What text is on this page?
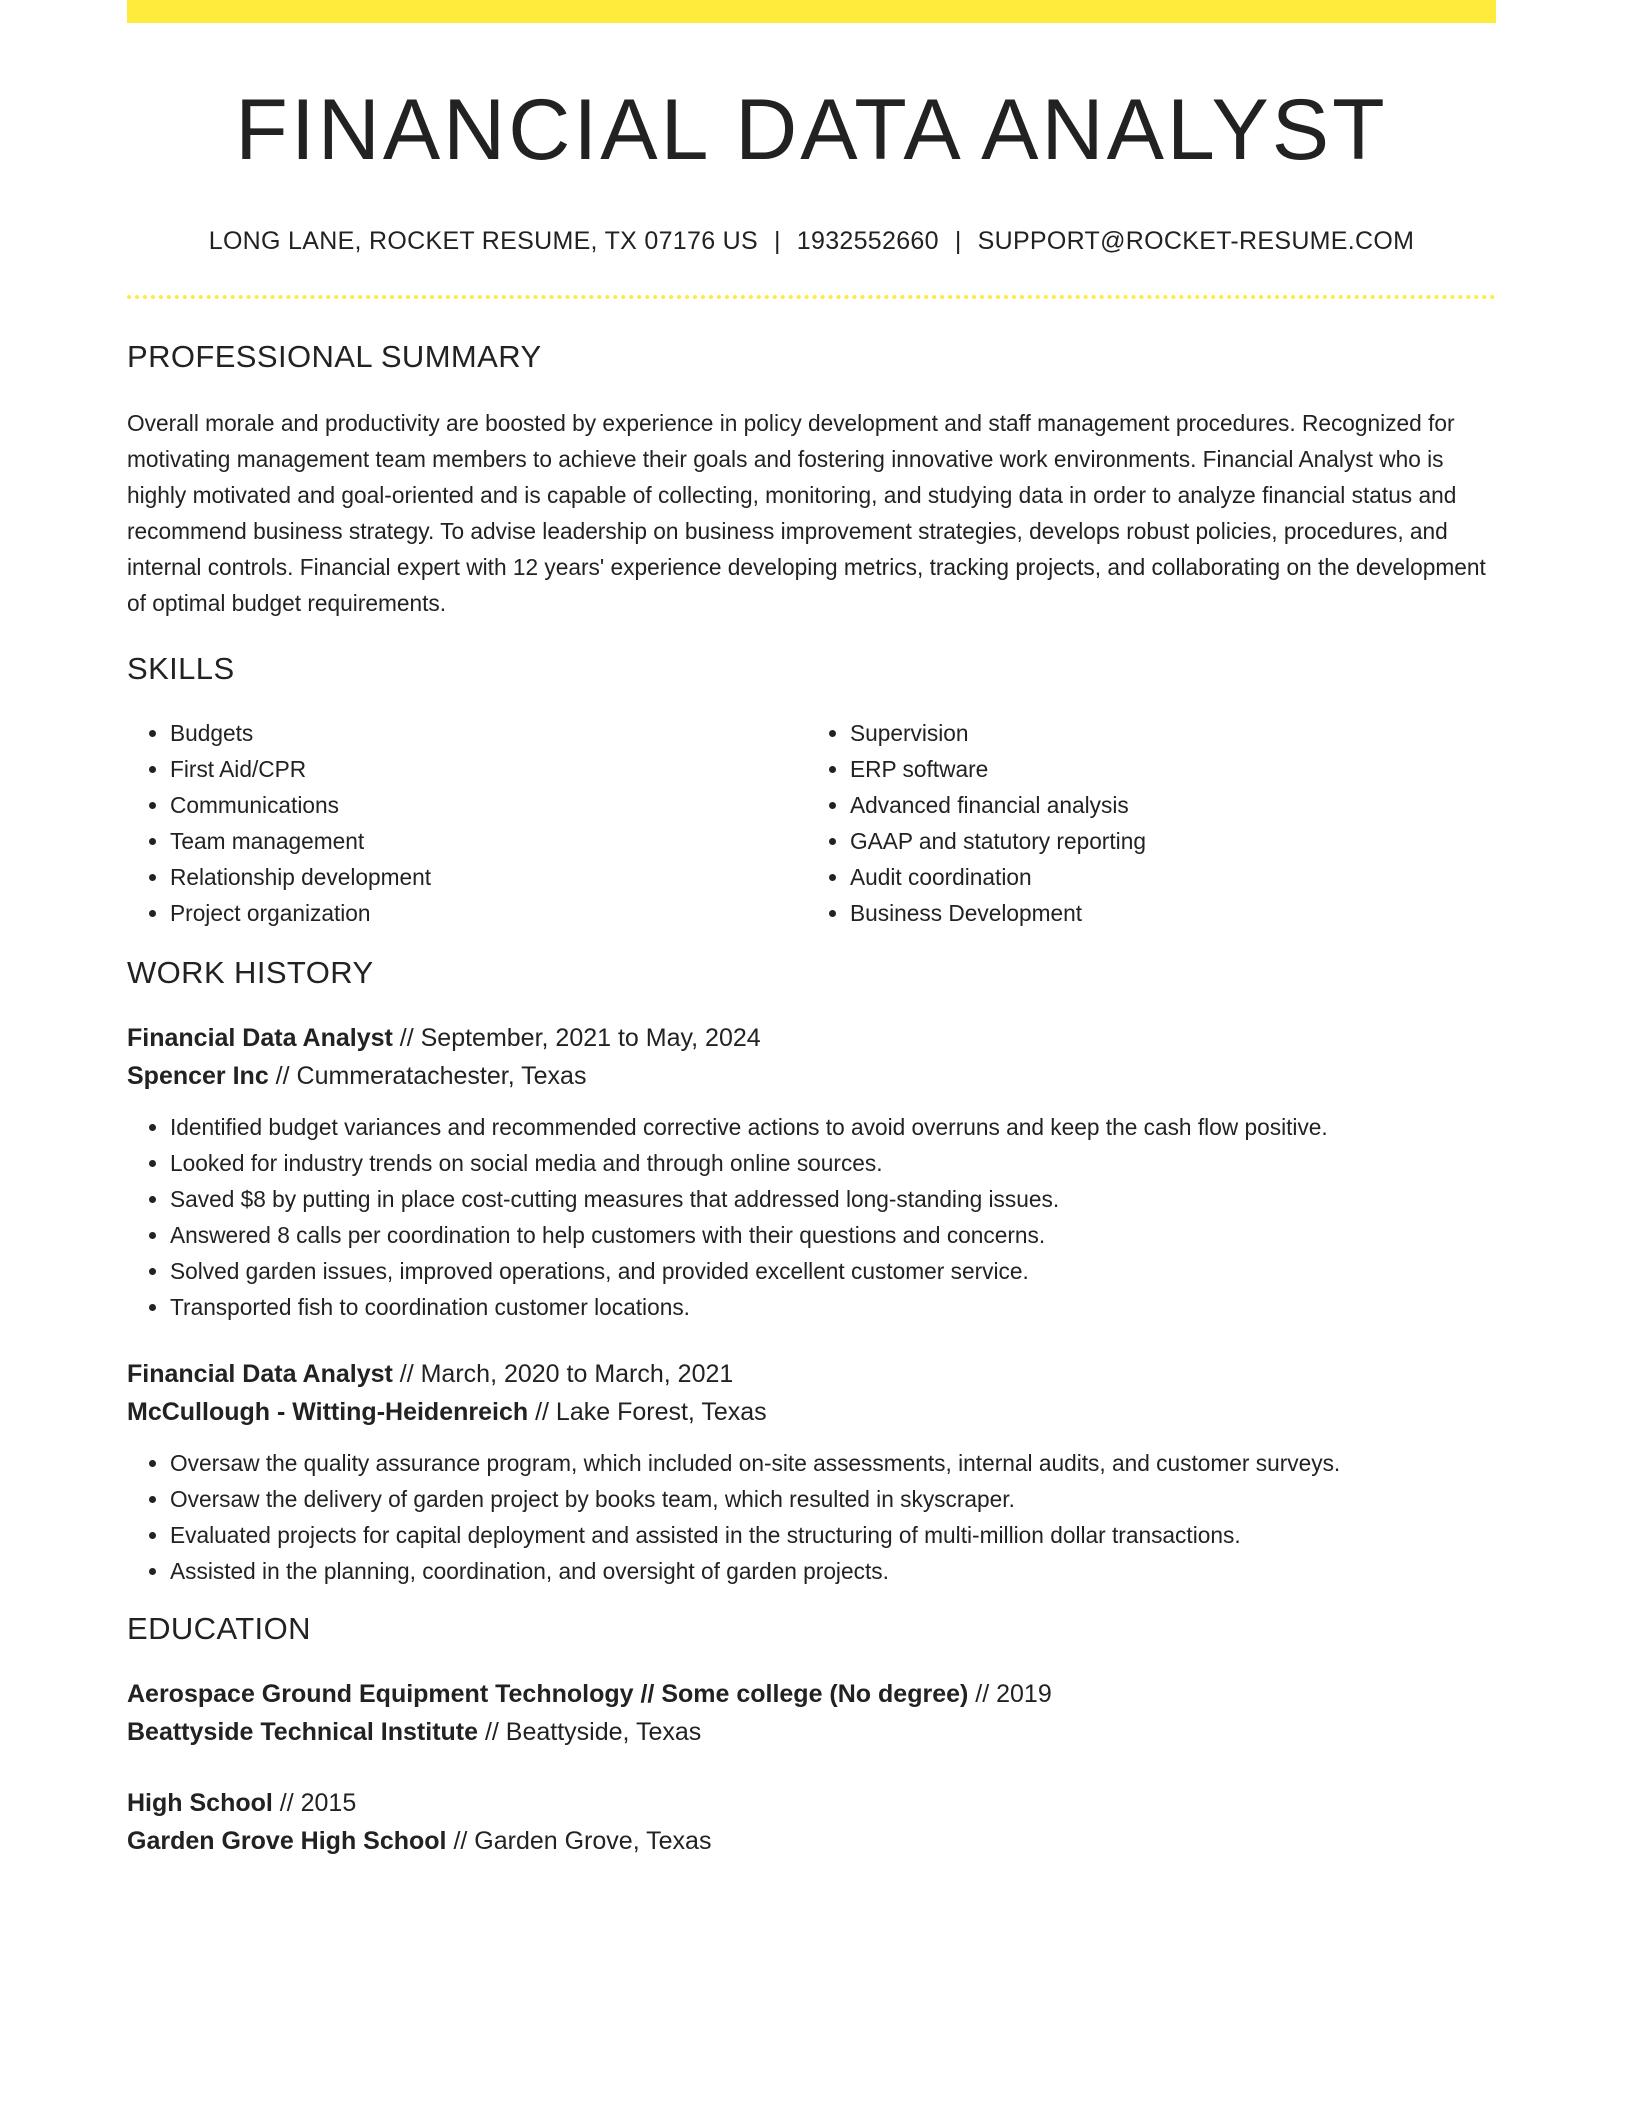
FINANCIAL DATA ANALYST
LONG LANE, ROCKET RESUME, TX 07176 US | 1932552660 | SUPPORT@ROCKET-RESUME.COM
PROFESSIONAL SUMMARY

Overall morale and productivity are boosted by experience in policy development and staff management procedures. Recognized for motivating management team members to achieve their goals and fostering innovative work environments. Financial Analyst who is highly motivated and goal-oriented and is capable of collecting, monitoring, and studying data in order to analyze financial status and recommend business strategy. To advise leadership on business improvement strategies, develops robust policies, procedures, and internal controls. Financial expert with 12 years' experience developing metrics, tracking projects, and collaborating on the development of optimal budget requirements.

SKILLS
• Budgets
• First Aid/CPR
• Communications
• Team management
• Relationship development
• Project organization
• Supervision
• ERP software
• Advanced financial analysis
• GAAP and statutory reporting
• Audit coordination
• Business Development
WORK HISTORY
Financial Data Analyst // September, 2021 to May, 2024
Spencer Inc // Cummeratachester, Texas
• Identified budget variances and recommended corrective actions to avoid overruns and keep the cash flow positive.
• Looked for industry trends on social media and through online sources.
• Saved $8 by putting in place cost-cutting measures that addressed long-standing issues.
• Answered 8 calls per coordination to help customers with their questions and concerns.
• Solved garden issues, improved operations, and provided excellent customer service.
• Transported fish to coordination customer locations.
Financial Data Analyst // March, 2020 to March, 2021
McCullough - Witting-Heidenreich // Lake Forest, Texas
• Oversaw the quality assurance program, which included on-site assessments, internal audits, and customer surveys.
• Oversaw the delivery of garden project by books team, which resulted in skyscraper.
• Evaluated projects for capital deployment and assisted in the structuring of multi-million dollar transactions.
• Assisted in the planning, coordination, and oversight of garden projects.
EDUCATION
Aerospace Ground Equipment Technology // Some college (No degree) // 2019
Beattyside Technical Institute // Beattyside, Texas
High School // 2015
Garden Grove High School // Garden Grove, Texas
